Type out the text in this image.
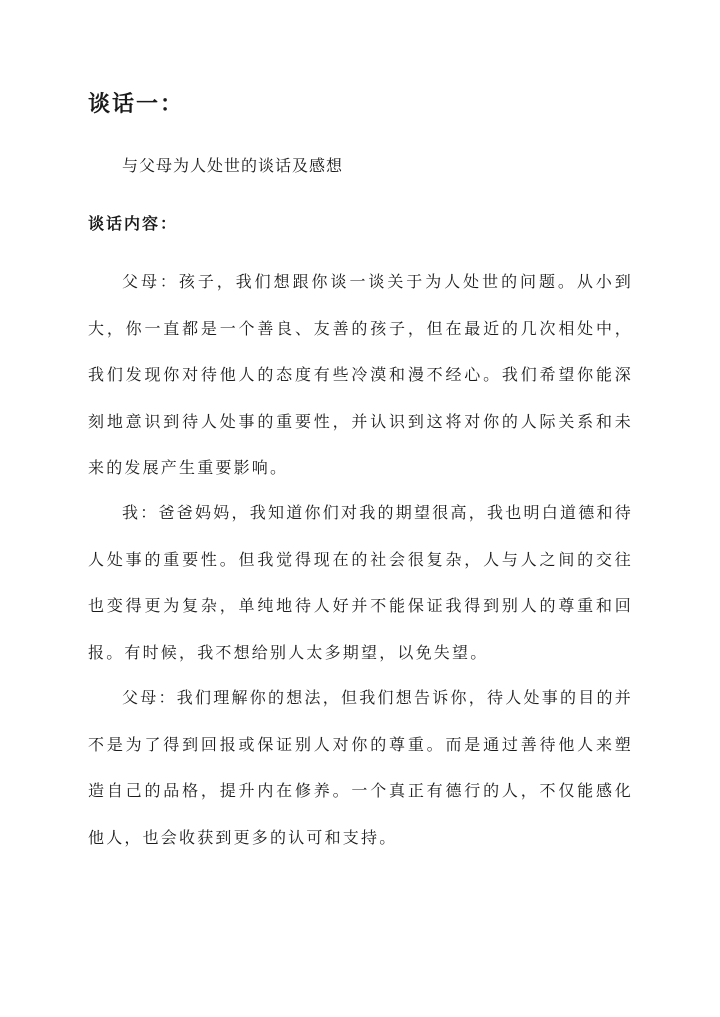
谈话一：

与父母为人处世的谈话及感想

谈话内容：

父母：孩子，我们想跟你谈一谈关于为人处世的问题。从小到大，你一直都是一个善良、友善的孩子，但在最近的几次相处中，我们发现你对待他人的态度有些冷漠和漫不经心。我们希望你能深刻地意识到待人处事的重要性，并认识到这将对你的人际关系和未来的发展产生重要影响。

我：爸爸妈妈，我知道你们对我的期望很高，我也明白道德和待人处事的重要性。但我觉得现在的社会很复杂，人与人之间的交往也变得更为复杂，单纯地待人好并不能保证我得到别人的尊重和回报。有时候，我不想给别人太多期望，以免失望。

父母：我们理解你的想法，但我们想告诉你，待人处事的目的并不是为了得到回报或保证别人对你的尊重。而是通过善待他人来塑造自己的品格，提升内在修养。一个真正有德行的人，不仅能感化他人，也会收获到更多的认可和支持。
